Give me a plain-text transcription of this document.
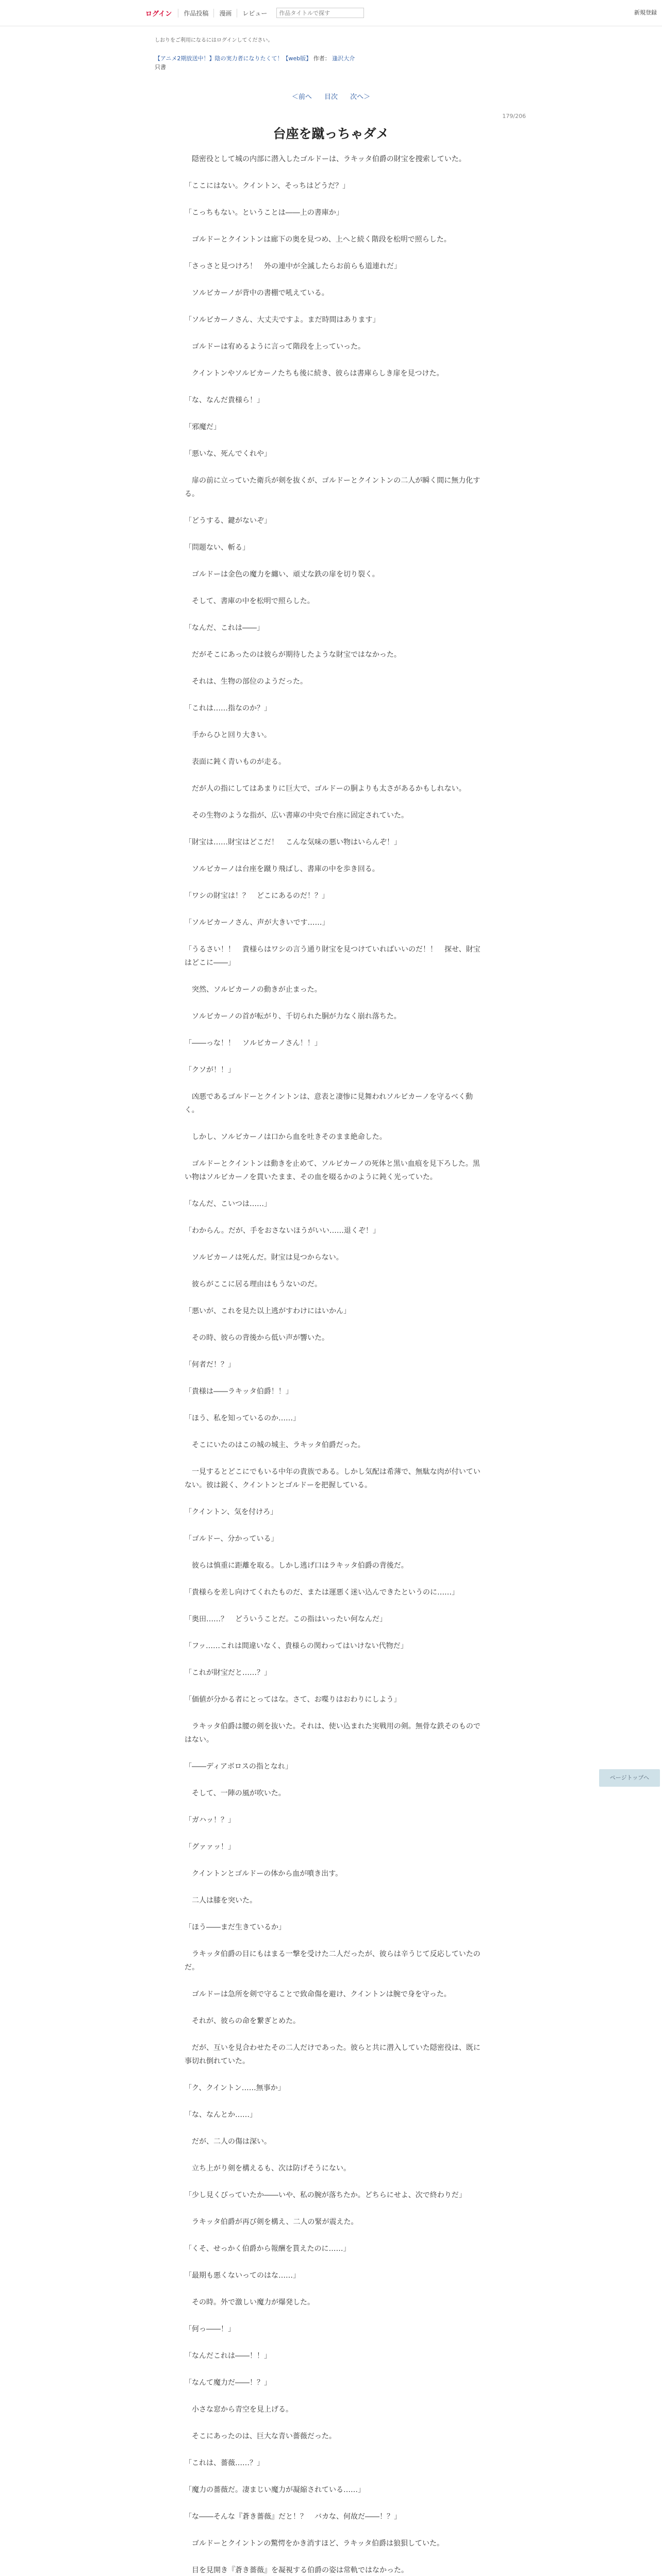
ログイン	作品投稿	漫画	レビュー
作品タイトルで探す	新規登録
しおりをご利用になるにはログインしてください。
【アニメ2期放送中！】陰の実力者になりたくて！【web版】 作者： 逢沢大介
只書
＜前へ 目次 次へ＞
179/206
台座を蹴っちゃダメ

　隠密役として城の内部に潜入したゴルドーは、ラキッタ伯爵の財宝を捜索していた。

「ここにはない。クイントン、そっちはどうだ？」

「こっちもない。ということは――上の書庫か」

　ゴルドーとクイントンは廊下の奥を見つめ、上へと続く階段を松明で照らした。

「さっさと見つけろ！　外の連中が全滅したらお前らも道連れだ」

　ソルビカーノが背中の書棚で吼えている。

「ソルビカーノさん、大丈夫ですよ。まだ時間はあります」

　ゴルドーは宥めるように言って階段を上っていった。

　クイントンやソルビカーノたちも後に続き、彼らは書庫らしき扉を見つけた。

「な、なんだ貴様ら！」

「邪魔だ」

「悪いな、死んでくれや」

　扉の前に立っていた衛兵が剣を抜くが、ゴルドーとクイントンの二人が瞬く間に無力化する。

「どうする、鍵がないぞ」

「問題ない、斬る」

　ゴルドーは金色の魔力を纏い、頑丈な鉄の扉を切り裂く。

　そして、書庫の中を松明で照らした。

「なんだ、これは――」

　だがそこにあったのは彼らが期待したような財宝ではなかった。

　それは、生物の部位のようだった。

「これは……指なのか？」

　手からひと回り大きい。

　表面に鈍く青いものが走る。

　だが人の指にしてはあまりに巨大で、ゴルドーの胴よりも太さがあるかもしれない。

　その生物のような指が、広い書庫の中央で台座に固定されていた。

「財宝は……財宝はどこだ！　こんな気味の悪い物はいらんぞ！」

　ソルビカーノは台座を蹴り飛ばし、書庫の中を歩き回る。

「ワシの財宝は！？　どこにあるのだ！？」

「ソルビカーノさん、声が大きいです……」

「うるさい！！　貴様らはワシの言う通り財宝を見つけていればいいのだ！！　探せ、財宝はどこに――」

　突然、ソルビカーノの動きが止まった。

　ソルビカーノの首が転がり、千切られた胴が力なく崩れ落ちた。

「――っな！！　ソルビカーノさん！！」

「クソが！！」

　凶悪であるゴルドーとクイントンは、意表と凄惨に見舞われソルビカーノを守るべく動く。

　しかし、ソルビカーノは口から血を吐きそのまま絶命した。

　ゴルドーとクイントンは動きを止めて、ソルビカーノの死体と黒い血痕を見下ろした。黒い物はソルビカーノを貫いたまま、その血を啜るかのように鈍く光っていた。

「なんだ、こいつは……」

「わからん。だが、手をおさないほうがいい……退くぞ！」

　ソルビカーノは死んだ。財宝は見つからない。

　彼らがここに居る理由はもうないのだ。

「悪いが、これを見た以上逃がすわけにはいかん」

　その時、彼らの背後から低い声が響いた。

「何者だ！？」

「貴様は――ラキッタ伯爵！！」

「ほう、私を知っているのか……」

　そこにいたのはこの城の城主、ラキッタ伯爵だった。

　一見するとどこにでもいる中年の貴族である。しかし気配は希薄で、無駄な肉が付いていない。彼は鋭く、クイントンとゴルドーを把握している。

「クイントン、気を付けろ」

「ゴルドー、分かっている」

　彼らは慎重に距離を取る。しかし逃げ口はラキッタ伯爵の背後だ。

「貴様らを差し向けてくれたものだ、または運悪く迷い込んできたというのに……」

「奥田……？　どういうことだ。この指はいったい何なんだ」

「フッ……これは間違いなく、貴様らの関わってはいけない代物だ」

「これが財宝だと……？」

「価値が分かる者にとってはな。さて、お喋りはおわりにしよう」

　ラキッタ伯爵は腰の剣を抜いた。それは、使い込まれた実戦用の剣。無骨な鉄そのものではない。

「――ディアボロスの指となれ」

　そして、一陣の風が吹いた。

「ガハッ！？」

「グァァッ！」

　クイントンとゴルドーの体から血が噴き出す。

　二人は膝を突いた。

「ほう――まだ生きているか」

　ラキッタ伯爵の目にもはまる一撃を受けた二人だったが、彼らは辛うじて反応していたのだ。

　ゴルドーは急所を剣で守ることで致命傷を避け、クイントンは腕で身を守った。

　それが、彼らの命を繋ぎとめた。

　だが、互いを見合わせたその二人だけであった。彼らと共に潜入していた隠密役は、既に事切れ倒れていた。

「ク、クイントン……無事か」

「な、なんとか……」

　だが、二人の傷は深い。

　立ち上がり剣を構えるも、次は防げそうにない。

「少し見くびっていたか――いや、私の腕が落ちたか。どちらにせよ、次で終わりだ」

　ラキッタ伯爵が再び剣を構え、二人の緊が震えた。

「くそ、せっかく伯爵から報酬を貰えたのに……」

「最期も悪くないってのはな……」

　その時。外で激しい魔力が爆発した。

「何っ――！」

「なんだこれは――！！」

「なんて魔力だ――！？」

　小さな窓から青空を見上げる。

　そこにあったのは、巨大な青い薔薇だった。

「これは、薔薇……？」

「魔力の薔薇だ。凄まじい魔力が凝縮されている……」

「な――そんな『蒼き薔薇』だと！？　バカな、何故だ――！？」

　ゴルドーとクイントンの驚愕をかき消すほど、ラキッタ伯爵は狼狽していた。

　目を見開き『蒼き薔薇』を凝視する伯爵の姿は常軌ではなかった。

ページトップへ
